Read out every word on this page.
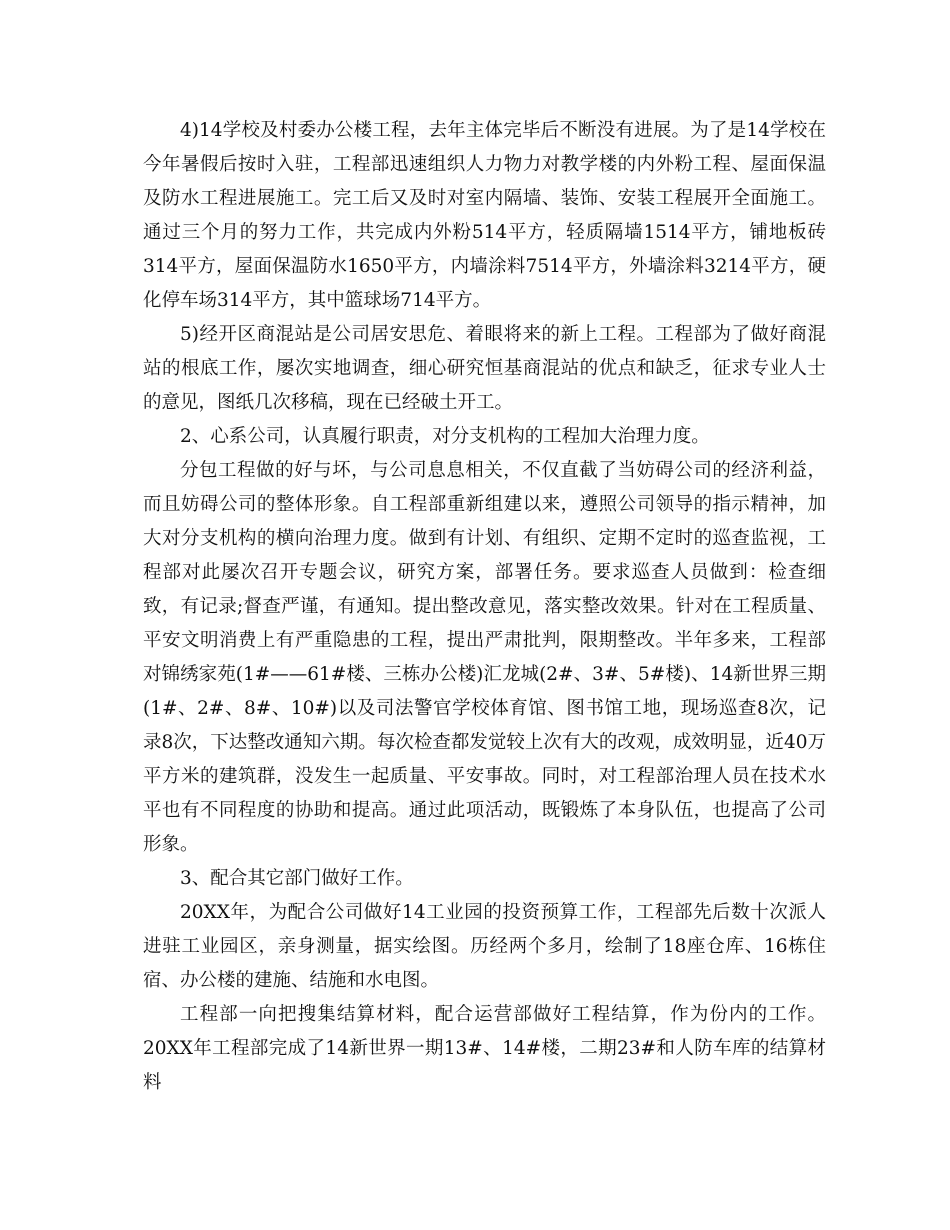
4)14学校及村委办公楼工程，去年主体完毕后不断没有进展。为了是14学校在今年暑假后按时入驻，工程部迅速组织人力物力对教学楼的内外粉工程、屋面保温及防水工程进展施工。完工后又及时对室内隔墙、装饰、安装工程展开全面施工。通过三个月的努力工作，共完成内外粉514平方，轻质隔墙1514平方，铺地板砖314平方，屋面保温防水1650平方，内墙涂料7514平方，外墙涂料3214平方，硬化停车场314平方，其中篮球场714平方。

5)经开区商混站是公司居安思危、着眼将来的新上工程。工程部为了做好商混站的根底工作，屡次实地调查，细心研究恒基商混站的优点和缺乏，征求专业人士的意见，图纸几次移稿，现在已经破土开工。

2、心系公司，认真履行职责，对分支机构的工程加大治理力度。

分包工程做的好与坏，与公司息息相关，不仅直截了当妨碍公司的经济利益，而且妨碍公司的整体形象。自工程部重新组建以来，遵照公司领导的指示精神，加大对分支机构的横向治理力度。做到有计划、有组织、定期不定时的巡查监视，工程部对此屡次召开专题会议，研究方案，部署任务。要求巡查人员做到：检查细致，有记录;督查严谨，有通知。提出整改意见，落实整改效果。针对在工程质量、平安文明消费上有严重隐患的工程，提出严肃批判，限期整改。半年多来，工程部对锦绣家苑(1#——61#楼、三栋办公楼)汇龙城(2#、3#、5#楼)、14新世界三期(1#、2#、8#、10#)以及司法警官学校体育馆、图书馆工地，现场巡查8次，记录8次，下达整改通知六期。每次检查都发觉较上次有大的改观，成效明显，近40万平方米的建筑群，没发生一起质量、平安事故。同时，对工程部治理人员在技术水平也有不同程度的协助和提高。通过此项活动，既锻炼了本身队伍，也提高了公司形象。

3、配合其它部门做好工作。

20XX年，为配合公司做好14工业园的投资预算工作，工程部先后数十次派人进驻工业园区，亲身测量，据实绘图。历经两个多月，绘制了18座仓库、16栋住宿、办公楼的建施、结施和水电图。

工程部一向把搜集结算材料，配合运营部做好工程结算，作为份内的工作。20XX年工程部完成了14新世界一期13#、14#楼，二期23#和人防车库的结算材料
